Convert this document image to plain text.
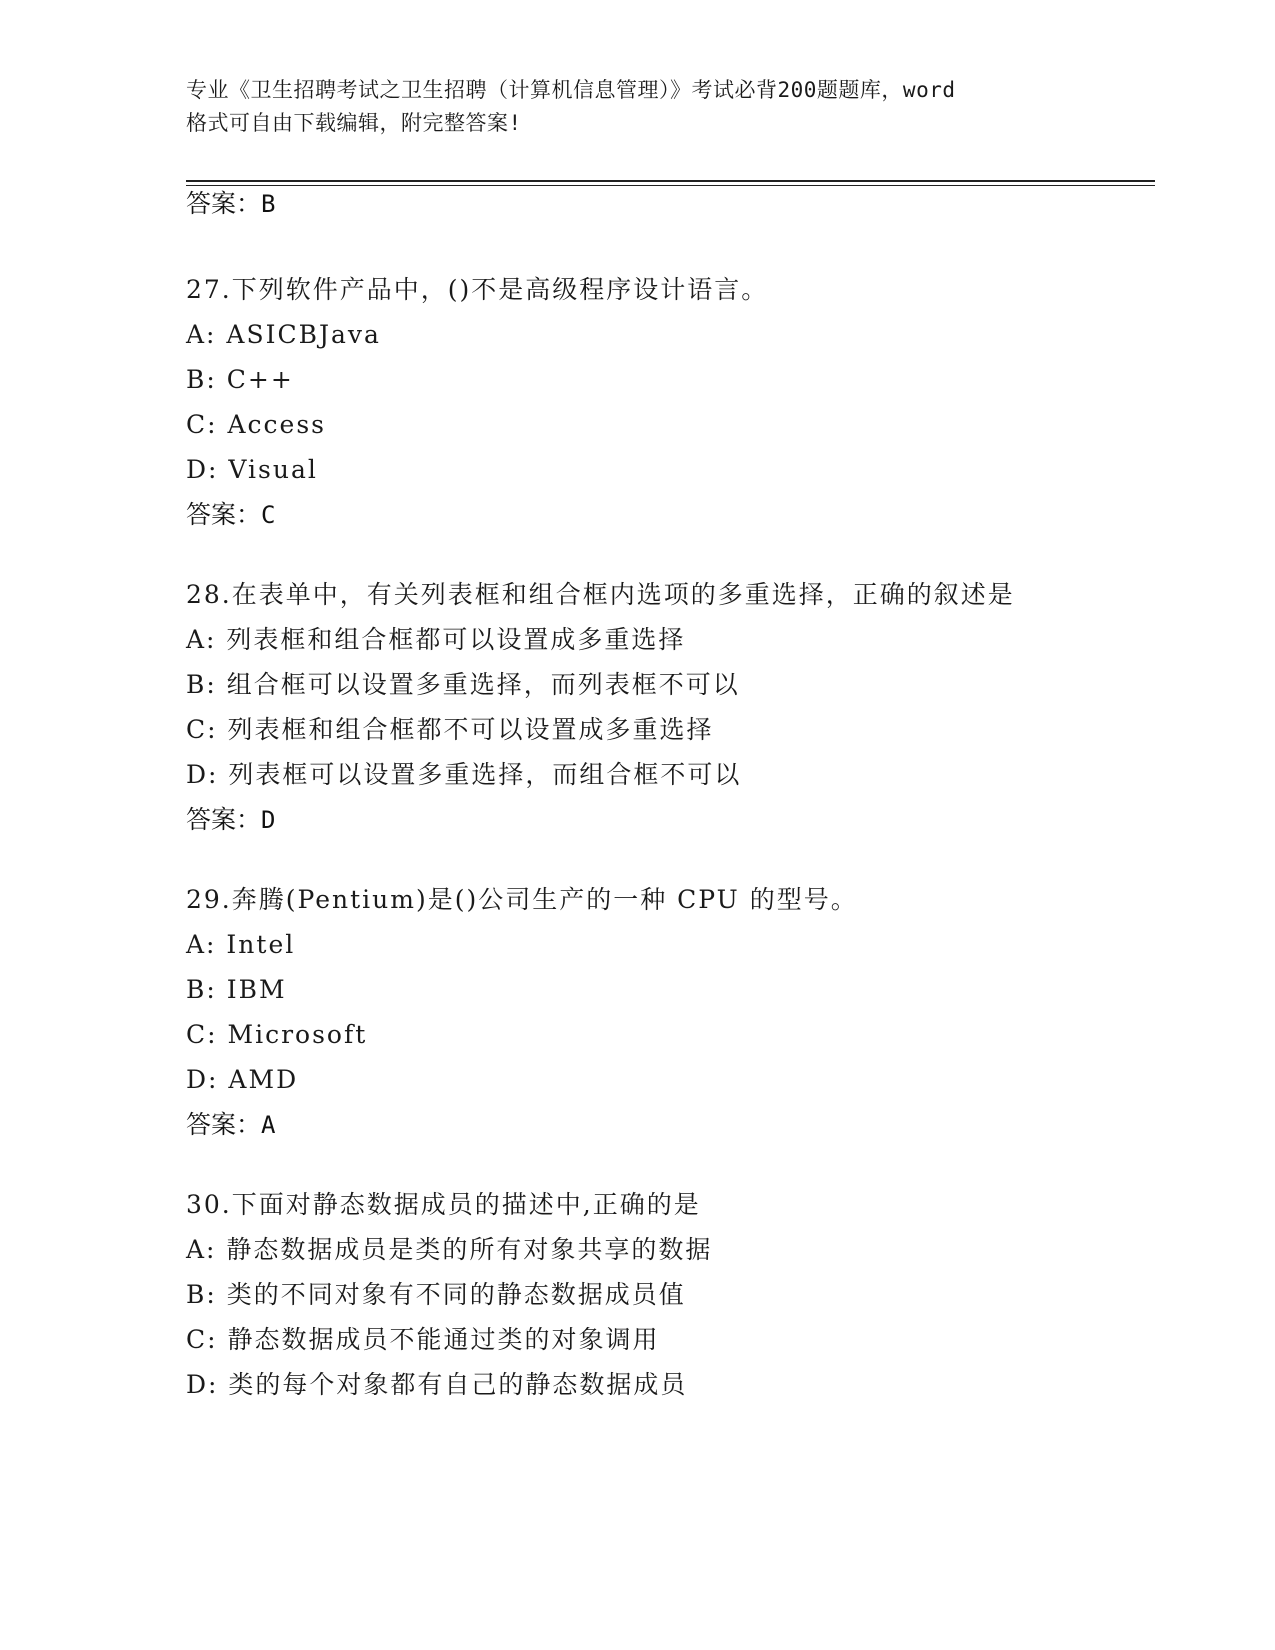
专业《卫生招聘考试之卫生招聘（计算机信息管理）》考试必背200题题库，word
格式可自由下载编辑，附完整答案!
答案：B
27.下列软件产品中，()不是高级程序设计语言。
A: ASICBJava
B: C++
C: Access
D: Visual
答案：C
28.在表单中，有关列表框和组合框内选项的多重选择，正确的叙述是
A: 列表框和组合框都可以设置成多重选择
B: 组合框可以设置多重选择，而列表框不可以
C: 列表框和组合框都不可以设置成多重选择
D: 列表框可以设置多重选择，而组合框不可以
答案：D
29.奔腾(Pentium)是()公司生产的一种 CPU 的型号。
A: Intel
B: IBM
C: Microsoft
D: AMD
答案：A
30.下面对静态数据成员的描述中,正确的是
A: 静态数据成员是类的所有对象共享的数据
B: 类的不同对象有不同的静态数据成员值
C: 静态数据成员不能通过类的对象调用
D: 类的每个对象都有自己的静态数据成员
